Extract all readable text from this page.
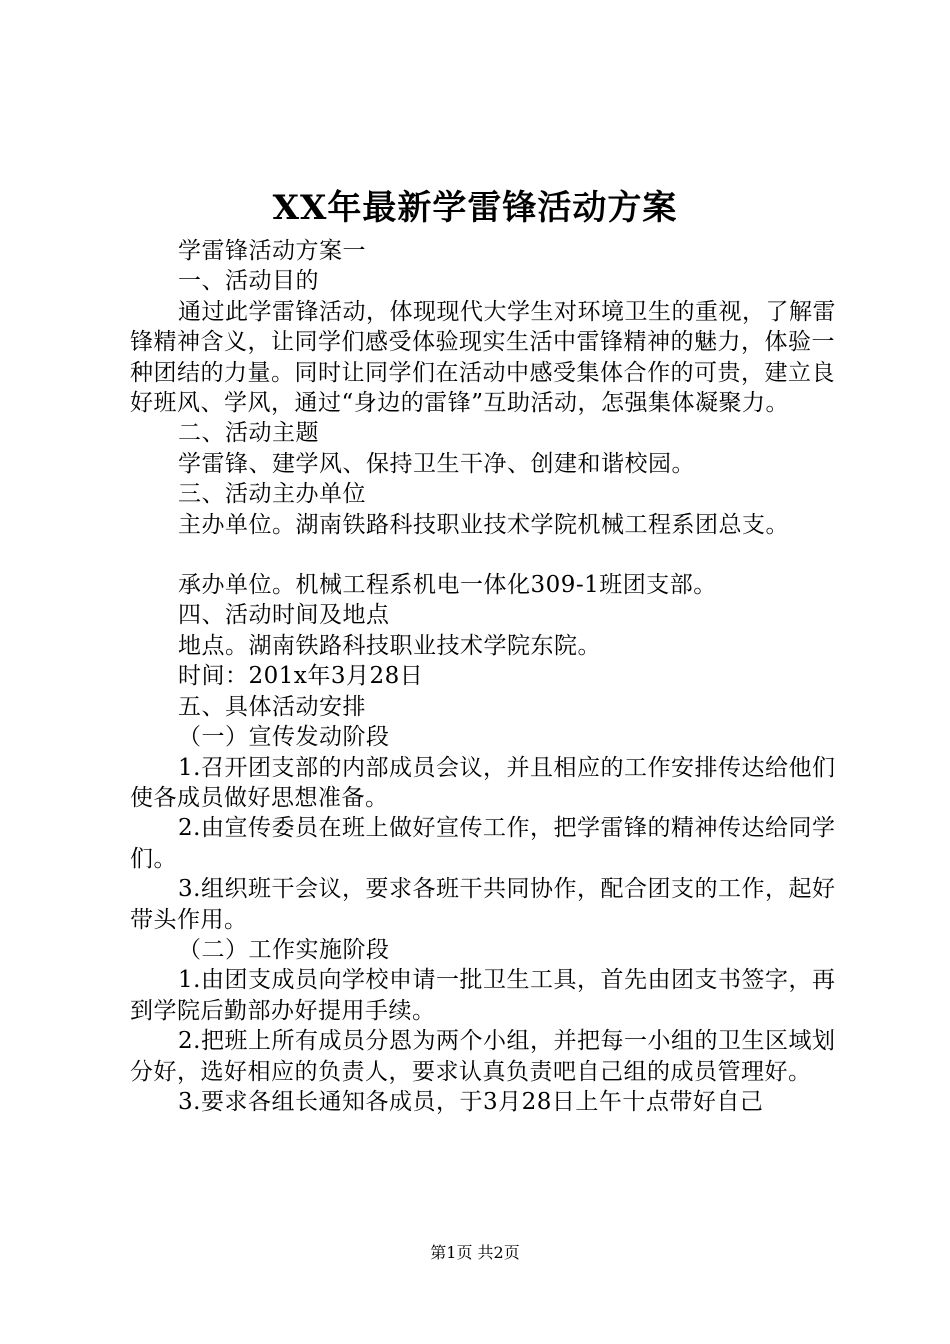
XX年最新学雷锋活动方案

学雷锋活动方案一

一、活动目的

通过此学雷锋活动，体现现代大学生对环境卫生的重视，了解雷锋精神含义，让同学们感受体验现实生活中雷锋精神的魅力，体验一种团结的力量。同时让同学们在活动中感受集体合作的可贵，建立良好班风、学风，通过“身边的雷锋”互助活动，怎强集体凝聚力。

二、活动主题

学雷锋、建学风、保持卫生干净、创建和谐校园。

三、活动主办单位

主办单位。湖南铁路科技职业技术学院机械工程系团总支。

承办单位。机械工程系机电一体化309-1班团支部。

四、活动时间及地点

地点。湖南铁路科技职业技术学院东院。

时间：201x年3月28日

五、具体活动安排

（一）宣传发动阶段

1.召开团支部的内部成员会议，并且相应的工作安排传达给他们使各成员做好思想准备。

2.由宣传委员在班上做好宣传工作，把学雷锋的精神传达给同学们。

3.组织班干会议，要求各班干共同协作，配合团支的工作，起好带头作用。

（二）工作实施阶段

1.由团支成员向学校申请一批卫生工具，首先由团支书签字，再到学院后勤部办好提用手续。

2.把班上所有成员分恩为两个小组，并把每一小组的卫生区域划分好，选好相应的负责人，要求认真负责吧自己组的成员管理好。

3.要求各组长通知各成员，于3月28日上午十点带好自己

第1页 共2页
